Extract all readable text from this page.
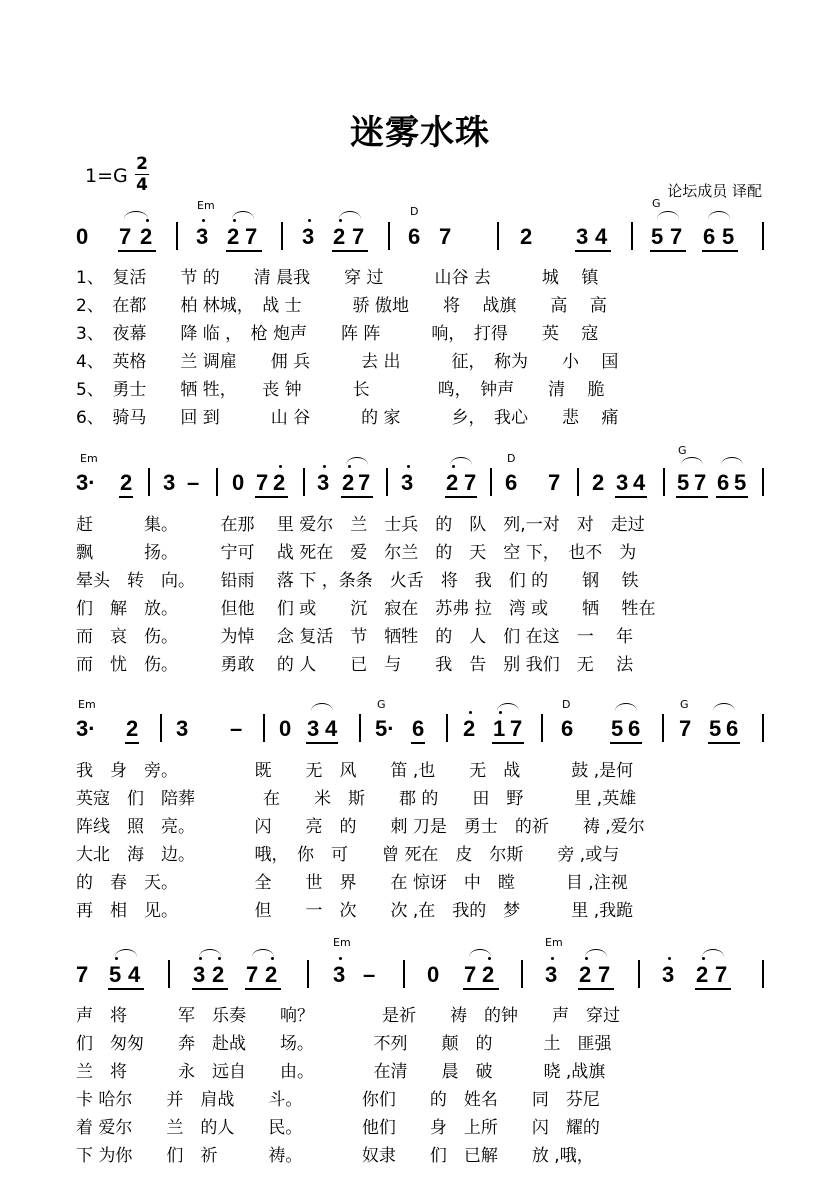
迷雾水珠
1=G
2
4	论坛成员 译配
Em	D
G
0 7 2 3 2 7 3 2 7 6 7	2 3 4 5 7 6 5
1、　复活　　节 的　　清 晨我　　穿 过　　　山谷 去　　　城　 镇
2、　在都　　柏 林城，　战 士　　　骄 傲地　　将　 战旗　　高　 高
3、　夜幕　　降 临 ，　枪 炮声　　阵 阵　　　响，　打得　　英　 寇
4、　英格　　兰 调雇　　佣 兵　　　去 出　　　征，　称为　　小　 国
5、　勇士　　牺 牲，　　丧 钟　　　长　　　　鸣，　钟声　　清　 脆
6、　骑马　　回 到　　　山 谷　　　的 家　　　乡，　我心　　悲　 痛
Em	D
G
3· 2 3 – 0 7 2 3 2 7 3 2 7 6 7 2 3 4 5 7 6 5
赶　　　集。　　　在那　 里 爱尔　兰　士兵　的　队　列,一对　对　走过
飘　　　扬。　　　宁可　 战 死在　爱　尔兰　的　天　空 下，　也不　为
晕头　转　向。　　铅雨　 落 下 ，条条　火舌　将　我　们 的　　钢　 铁
们　解　放。　　　但他　 们 或　　沉　寂在　苏弗 拉　湾 或　　牺　 牲在
而　哀　伤。　　　为悼　 念 复活　节　牺牲　的　人　们 在这　一　 年
而　忧　伤。　　　勇敢　 的 人　　已　与　　我　告　别 我们　无　 法
Em	G	D	G
3· 2 3 – 0 3 4 5· 6 2 1 7 6 5 6 7 5 6
我　身　旁。　　　　　既　　无　风　　笛 ,也　　无　战　　　鼓 ,是何
英寇　们　陪葬　　　　在　　米　斯　　郡 的　　田　野　　　里 ,英雄
阵线　照　亮。　　　　闪　　亮　的　　刺 刀是　勇士　的祈　　祷 ,爱尔
大北　海　边。　　　　哦，　你　可　　曾 死在　皮　尔斯　　旁 ,或与
的　春　天。　　　　　全　　世　界　　在 惊讶　中　瞠　　　目 ,注视
再　相　见。　　　　　但　　一　次　　次 ,在　我的　梦　　　里 ,我跪
Em	Em
7 5 4 3 2 7 2	3 – 0 7 2 3 2 7 3 2 7
声　将　　　军　乐奏　　响？　　　　是祈　　祷　的钟　　声　穿过
们　匆匆　　奔　赴战　　场。　　　　不列　　颠　的　　　土　匪强
兰　将　　　永　远自　　由。　　　　在清　　晨　破　　　晓 ,战旗
卡 哈尔　　并　肩战　　斗。　　　　你们　　的　姓名　　同　芬尼
着 爱尔　　兰　的人　　民。　　　　他们　　身　上所　　闪　耀的
下 为你　　们　祈　　　祷。　　　　奴隶　　们　已解　　放 ,哦，
